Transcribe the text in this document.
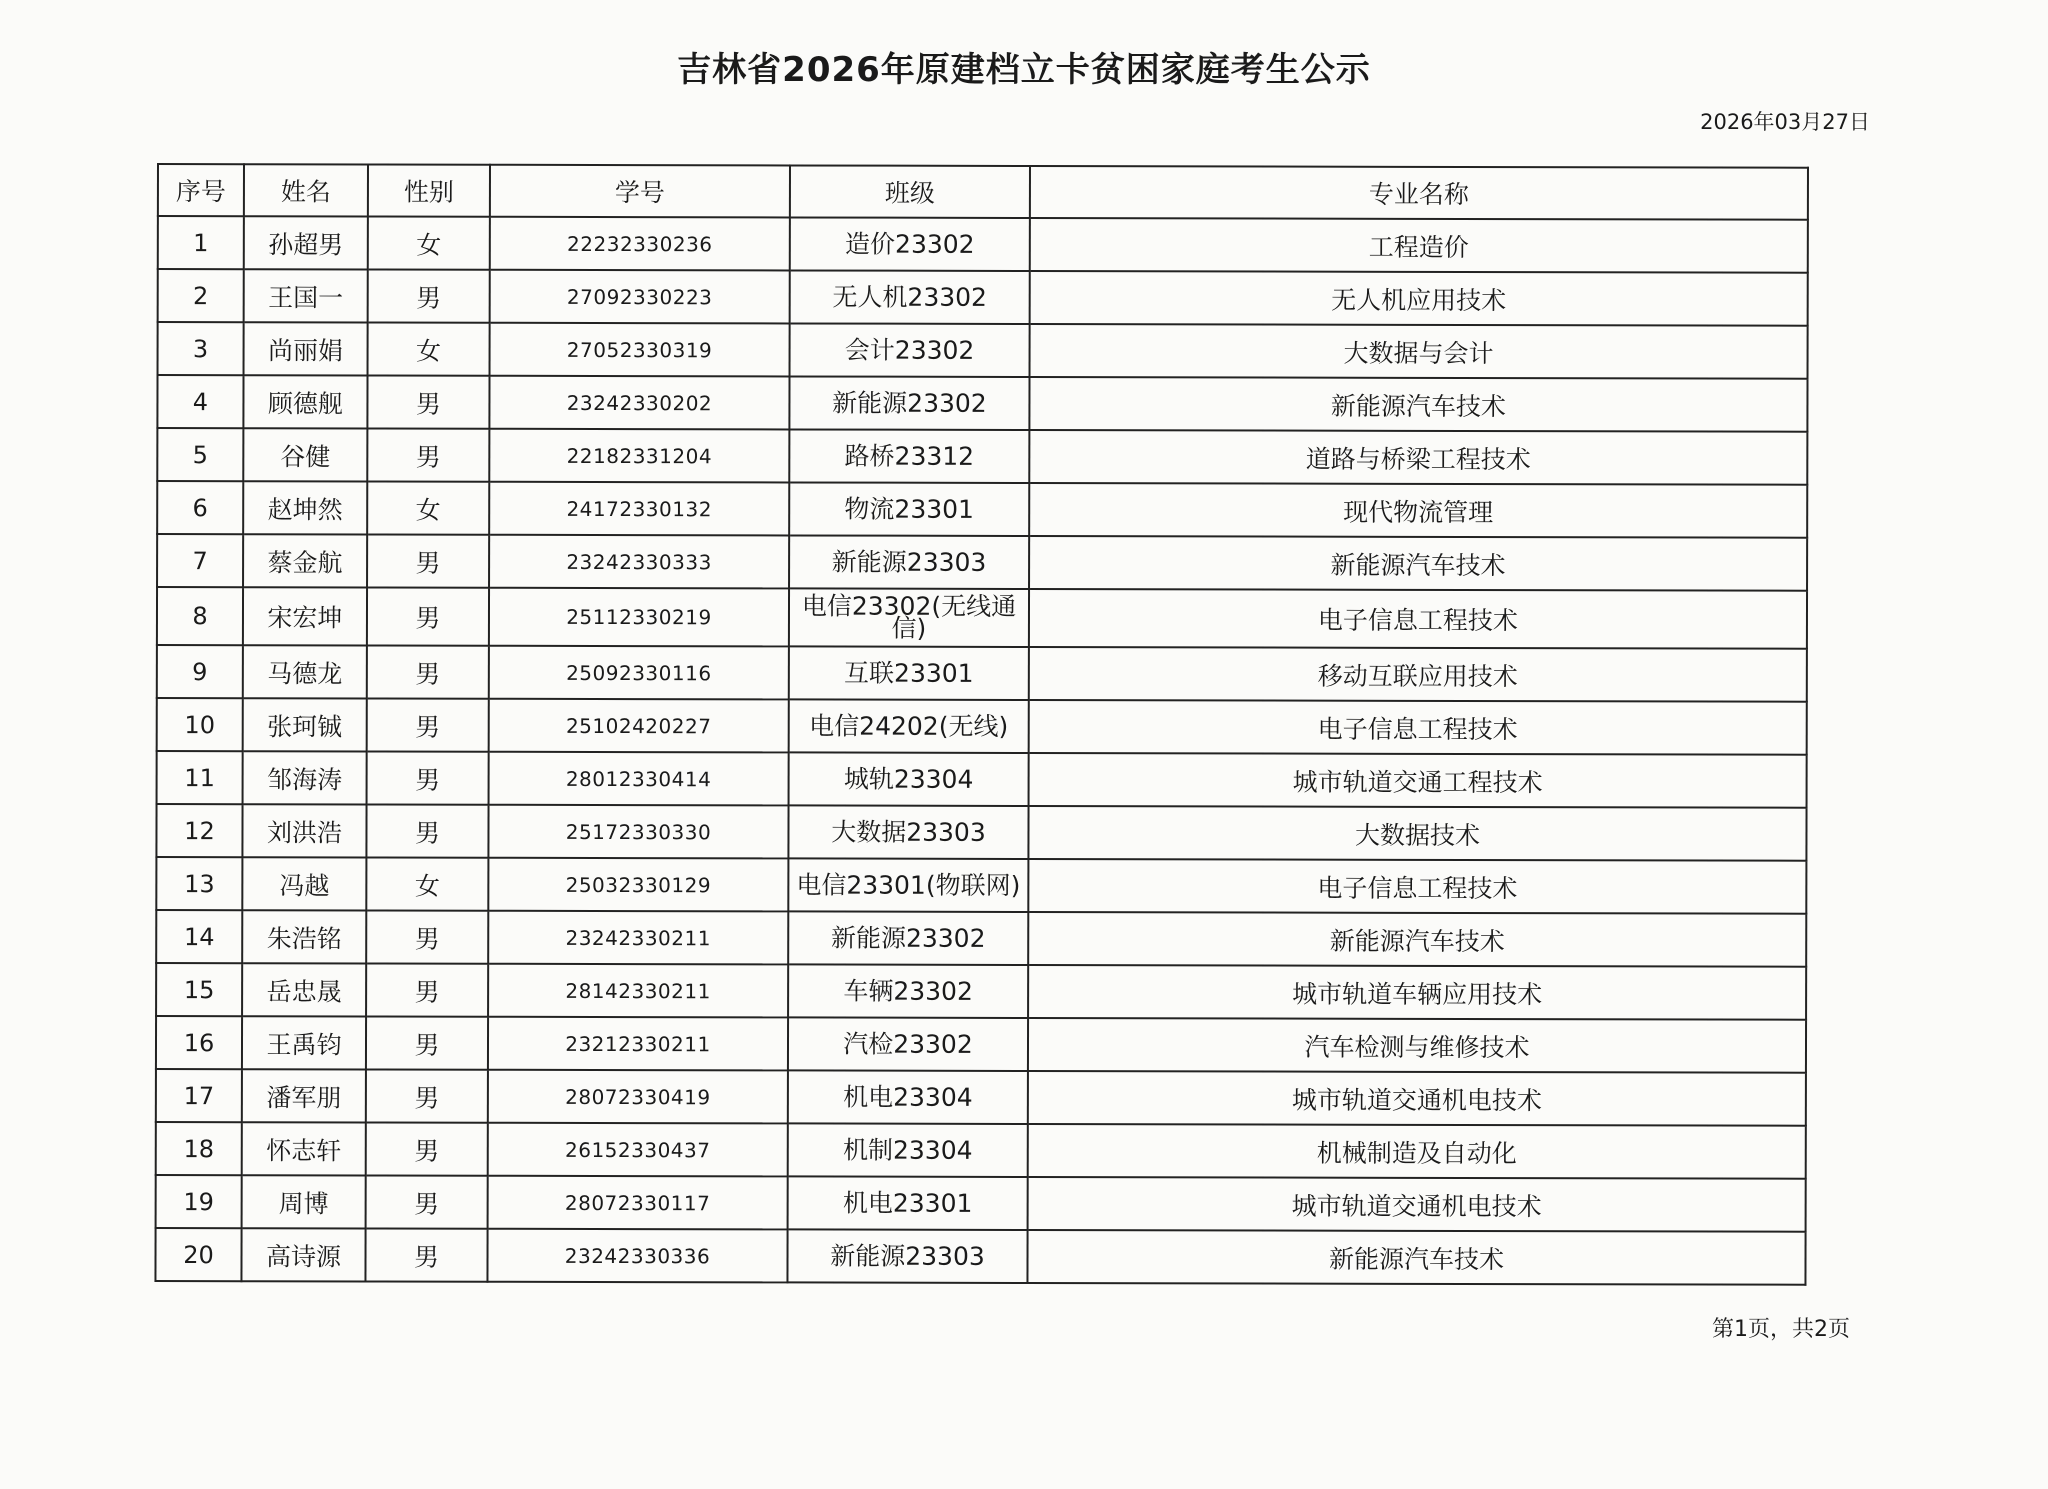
吉林省2026年原建档立卡贫困家庭考生公示
2026年03月27日
序号	姓名	性别	学号	班级	专业名称
1	孙超男	女	22232330236	造价23302	工程造价
2	王国一	男	27092330223	无人机23302	无人机应用技术
3	尚丽娟	女	27052330319	会计23302	大数据与会计
4	顾德舰	男	23242330202	新能源23302	新能源汽车技术
5	谷健	男	22182331204	路桥23312	道路与桥梁工程技术
6	赵坤然	女	24172330132	物流23301	现代物流管理
7	蔡金航	男	23242330333	新能源23303	新能源汽车技术
8	宋宏坤	男	25112330219	电信23302(无线通信)	电子信息工程技术
9	马德龙	男	25092330116	互联23301	移动互联应用技术
10	张珂铖	男	25102420227	电信24202(无线)	电子信息工程技术
11	邹海涛	男	28012330414	城轨23304	城市轨道交通工程技术
12	刘洪浩	男	25172330330	大数据23303	大数据技术
13	冯越	女	25032330129	电信23301(物联网)	电子信息工程技术
14	朱浩铭	男	23242330211	新能源23302	新能源汽车技术
15	岳忠晟	男	28142330211	车辆23302	城市轨道车辆应用技术
16	王禹钧	男	23212330211	汽检23302	汽车检测与维修技术
17	潘军朋	男	28072330419	机电23304	城市轨道交通机电技术
18	怀志轩	男	26152330437	机制23304	机械制造及自动化
19	周博	男	28072330117	机电23301	城市轨道交通机电技术
20	高诗源	男	23242330336	新能源23303	新能源汽车技术
第1页，共2页
